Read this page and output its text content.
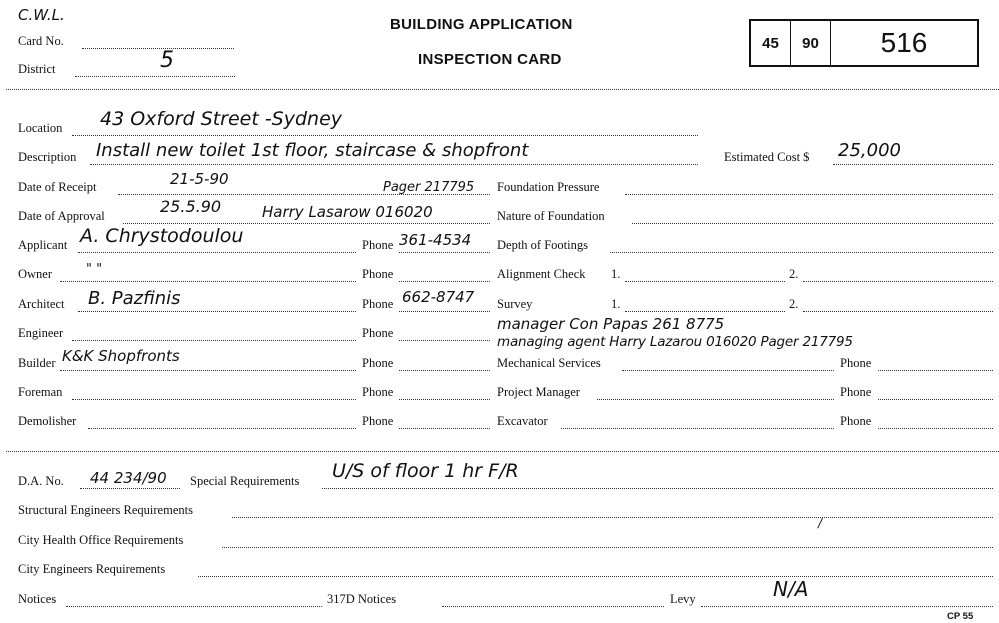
C.W.L.
Card No.
District	5
BUILDING APPLICATION
INSPECTION CARD
45	90	516
Location 43 Oxford Street -Sydney
Description Install new toilet 1st floor, staircase & shopfront	Estimated Cost $ 25,000
Date of Receipt	21-5-90	Pager 217795
Date of Approval	25.5.90	Harry Lasarow 016020
Applicant A. Chrystodoulou	Phone 361-4534
Owner	" "	Phone
Architect B. Pazfinis	Phone 662-8747
Engineer	Phone
Builder K&K Shopfronts	Phone
Foreman	Phone
Demolisher	Phone
Foundation Pressure
Nature of Foundation
Depth of Footings
Alignment Check 1.	2.
Survey	1.	2.
manager Con Papas 261 8775
managing agent Harry Lazarou 016020 Pager 217795
Mechanical Services	Phone
Project Manager	Phone
Excavator	Phone
D.A. No. 44 234/90 Special Requirements U/S of floor 1 hr F/R
Structural Engineers Requirements
/
City Health Office Requirements
City Engineers Requirements
Notices	317D Notices	Levy	N/A
CP 55
